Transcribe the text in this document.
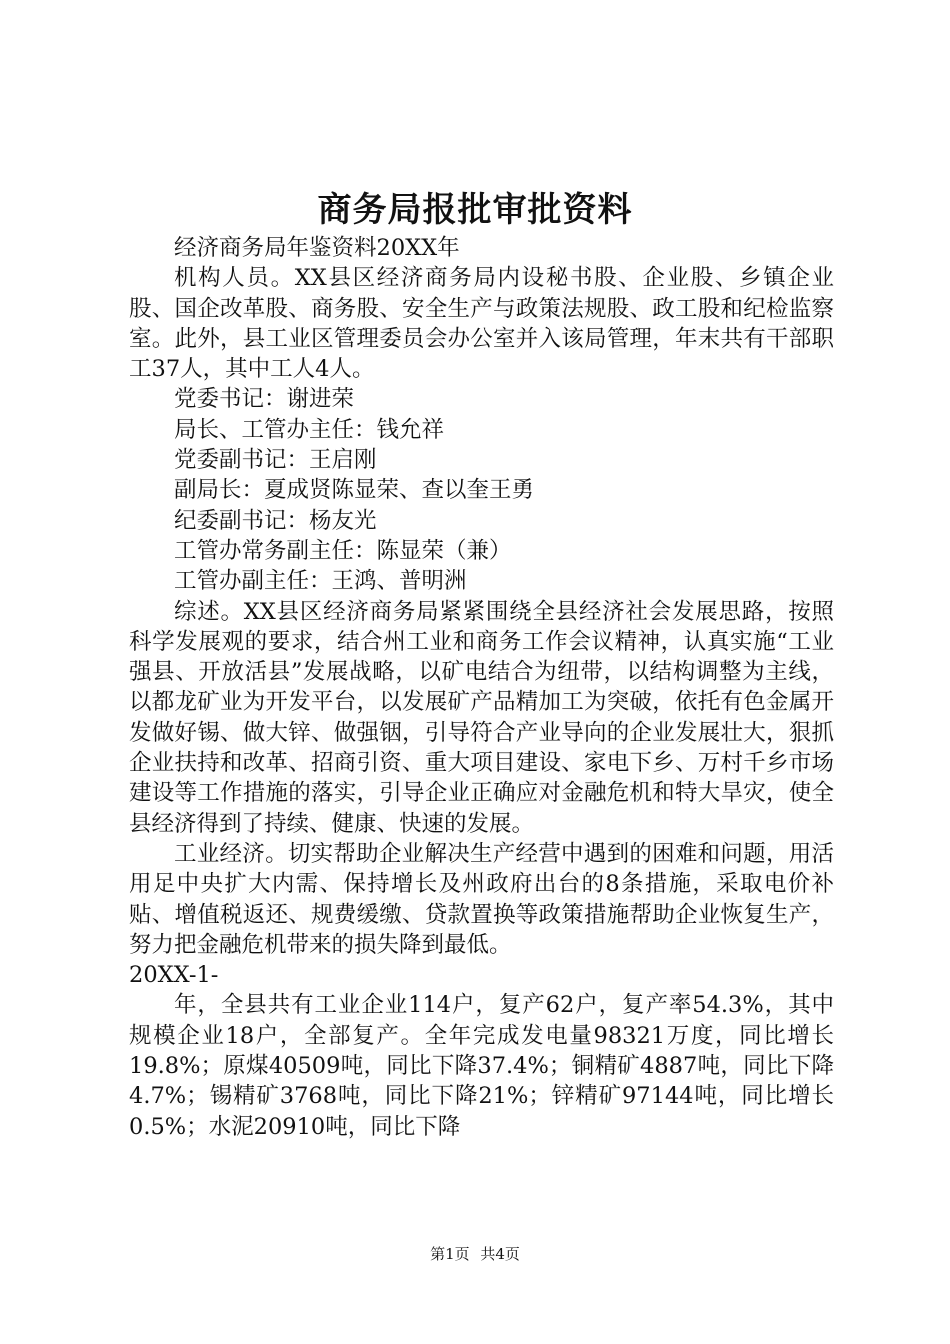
商务局报批审批资料

经济商务局年鉴资料20XX年

机构人员。XX县区经济商务局内设秘书股、企业股、乡镇企业股、国企改革股、商务股、安全生产与政策法规股、政工股和纪检监察室。此外，县工业区管理委员会办公室并入该局管理，年末共有干部职工37人，其中工人4人。

党委书记：谢进荣

局长、工管办主任：钱允祥

党委副书记：王启刚

副局长：夏成贤陈显荣、查以奎王勇

纪委副书记：杨友光

工管办常务副主任：陈显荣（兼）

工管办副主任：王鸿、普明洲

综述。XX县区经济商务局紧紧围绕全县经济社会发展思路，按照科学发展观的要求，结合州工业和商务工作会议精神，认真实施“工业强县、开放活县”发展战略，以矿电结合为纽带，以结构调整为主线，以都龙矿业为开发平台，以发展矿产品精加工为突破，依托有色金属开发做好锡、做大锌、做强铟，引导符合产业导向的企业发展壮大，狠抓企业扶持和改革、招商引资、重大项目建设、家电下乡、万村千乡市场建设等工作措施的落实，引导企业正确应对金融危机和特大旱灾，使全县经济得到了持续、健康、快速的发展。

工业经济。切实帮助企业解决生产经营中遇到的困难和问题，用活用足中央扩大内需、保持增长及州政府出台的8条措施，采取电价补贴、增值税返还、规费缓缴、贷款置换等政策措施帮助企业恢复生产，努力把金融危机带来的损失降到最低。

20XX-1-

年，全县共有工业企业114户，复产62户，复产率54.3%，其中规模企业18户，全部复产。全年完成发电量98321万度，同比增长19.8%；原煤40509吨，同比下降37.4%；铜精矿4887吨，同比下降4.7%；锡精矿3768吨，同比下降21%；锌精矿97144吨，同比增长0.5%；水泥20910吨，同比下降

第1页 共4页
